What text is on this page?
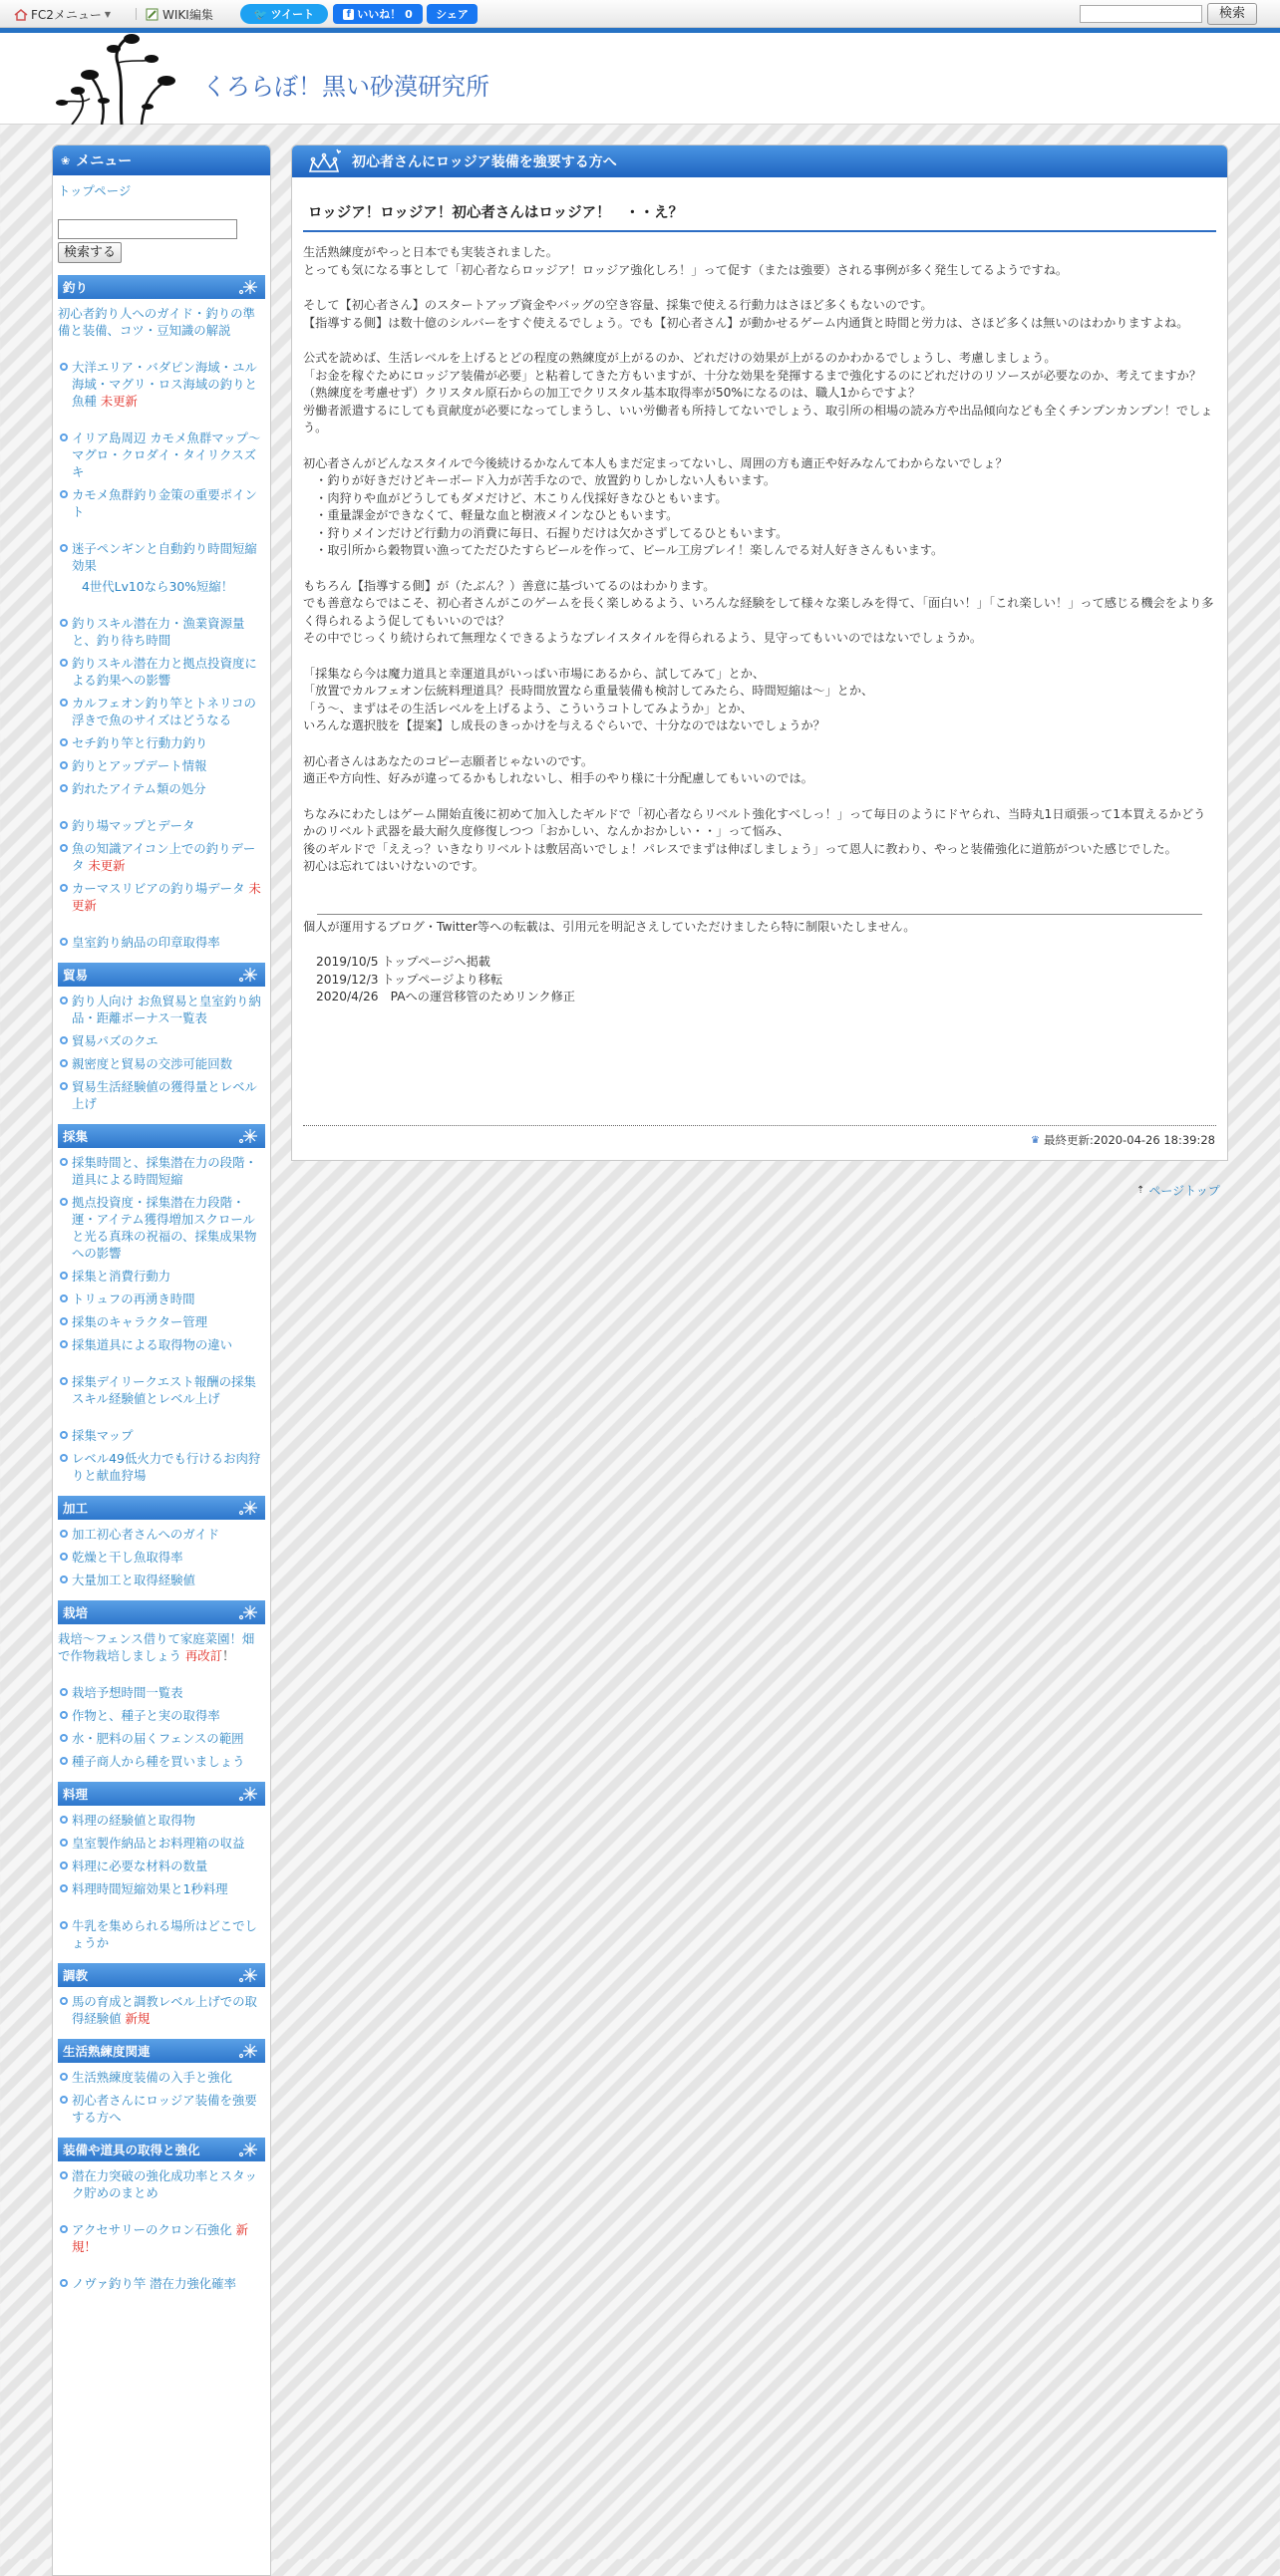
FC2メニュー ▼	WIKI編集	🐦 ツイート	f いいね！ 0 シェア	検索
くろらぼ！黒い砂漠研究所
❀ メニュー
トップページ
検索する
釣り
初心者釣り人へのガイド・釣りの準備と装備、コツ・豆知識の解説
大洋エリア・バダピン海域・ユル海域・マグリ・ロス海域の釣りと魚種 未更新
イリア島周辺 カモメ魚群マップ～マグロ・クロダイ・タイリクスズキ
カモメ魚群釣り金策の重要ポイント
迷子ペンギンと自動釣り時間短縮効果
4世代Lv10なら30%短縮！
釣りスキル潜在力・漁業資源量と、釣り待ち時間
釣りスキル潜在力と拠点投資度による釣果への影響
カルフェオン釣り竿とトネリコの浮きで魚のサイズはどうなる
セチ釣り竿と行動力釣り
釣りとアップデート情報
釣れたアイテム類の処分
釣り場マップとデータ
魚の知識アイコン上での釣りデータ 未更新
カーマスリビアの釣り場データ 未更新
皇室釣り納品の印章取得率
貿易
釣り人向け お魚貿易と皇室釣り納品・距離ボーナス一覧表
貿易パズのクエ
親密度と貿易の交渉可能回数
貿易生活経験値の獲得量とレベル上げ
採集
採集時間と、採集潜在力の段階・道具による時間短縮
拠点投資度・採集潜在力段階・運・アイテム獲得増加スクロールと光る真珠の祝福の、採集成果物への影響
採集と消費行動力
トリュフの再湧き時間
採集のキャラクター管理
採集道具による取得物の違い
採集デイリークエスト報酬の採集スキル経験値とレベル上げ
採集マップ
レベル49低火力でも行けるお肉狩りと献血狩場
加工
加工初心者さんへのガイド
乾燥と干し魚取得率
大量加工と取得経験値
栽培
栽培～フェンス借りて家庭菜園！畑で作物栽培しましょう 再改訂！
栽培予想時間一覧表
作物と、種子と実の取得率
水・肥料の届くフェンスの範囲
種子商人から種を買いましょう
料理
料理の経験値と取得物
皇室製作納品とお料理箱の収益
料理に必要な材料の数量
料理時間短縮効果と1秒料理
牛乳を集められる場所はどこでしょうか
調教
馬の育成と調教レベル上げでの取得経験値 新規
生活熟練度関連
生活熟練度装備の入手と強化
初心者さんにロッジア装備を強要する方へ
装備や道具の取得と強化
潜在力突破の強化成功率とスタック貯めのまとめ
アクセサリーのクロン石強化 新規！
ノヴァ釣り竿 潜在力強化確率
初心者さんにロッジア装備を強要する方へ
ロッジア！ロッジア！初心者さんはロッジア！　・・え？

生活熟練度がやっと日本でも実装されました。
とっても気になる事として「初心者ならロッジア！ロッジア強化しろ！」って促す（または強要）される事例が多く発生してるようですね。

そして【初心者さん】のスタートアップ資金やバッグの空き容量、採集で使える行動力はさほど多くもないのです。
【指導する側】は数十億のシルバーをすぐ使えるでしょう。でも【初心者さん】が動かせるゲーム内通貨と時間と労力は、さほど多くは無いのはわかりますよね。

公式を読めば、生活レベルを上げるとどの程度の熟練度が上がるのか、どれだけの効果が上がるのかわかるでしょうし、考慮しましょう。
「お金を稼ぐためにロッジア装備が必要」と粘着してきた方もいますが、十分な効果を発揮するまで強化するのにどれだけのリソースが必要なのか、考えてますか？
（熟練度を考慮せず）クリスタル原石からの加工でクリスタル基本取得率が50%になるのは、職人1からですよ？
労働者派遣するにしても貢献度が必要になってしまうし、いい労働者も所持してないでしょう、取引所の相場の読み方や出品傾向なども全くチンプンカンプン！でしょう。

初心者さんがどんなスタイルで今後続けるかなんて本人もまだ定まってないし、周囲の方も適正や好みなんてわからないでしょ？
　・釣りが好きだけどキーボード入力が苦手なので、放置釣りしかしない人もいます。
　・肉狩りや血がどうしてもダメだけど、木こりん伐採好きなひともいます。
　・重量課金ができなくて、軽量な血と樹液メインなひともいます。
　・狩りメインだけど行動力の消費に毎日、石握りだけは欠かさずしてるひともいます。
　・取引所から穀物買い漁ってただひたすらビールを作って、ビール工房プレイ！楽しんでる対人好きさんもいます。

もちろん【指導する側】が（たぶん？）善意に基づいてるのはわかります。
でも善意ならではこそ、初心者さんがこのゲームを長く楽しめるよう、いろんな経験をして様々な楽しみを得て、「面白い！」「これ楽しい！」って感じる機会をより多く得られるよう促してもいいのでは？
その中でじっくり続けられて無理なくできるようなプレイスタイルを得られるよう、見守ってもいいのではないでしょうか。

「採集なら今は魔力道具と幸運道具がいっぱい市場にあるから、試してみて」とか、
「放置でカルフェオン伝統料理道具？長時間放置なら重量装備も検討してみたら、時間短縮は～」とか、
「う～、まずはその生活レベルを上げるよう、こういうコトしてみようか」とか、
いろんな選択肢を【提案】し成長のきっかけを与えるぐらいで、十分なのではないでしょうか？

初心者さんはあなたのコピー志願者じゃないのです。
適正や方向性、好みが違ってるかもしれないし、相手のやり様に十分配慮してもいいのでは。

ちなみにわたしはゲーム開始直後に初めて加入したギルドで「初心者ならリベルト強化すべしっ！」って毎日のようにドヤられ、当時丸1日頑張って1本買えるかどうかのリベルト武器を最大耐久度修復しつつ「おかしい、なんかおかしい・・」って悩み、
後のギルドで「ええっ？いきなりリベルトは敷居高いでしょ！パレスでまずは伸ばしましょう」って恩人に教わり、やっと装備強化に道筋がついた感じでした。
初心は忘れてはいけないのです。

個人が運用するブログ・Twitter等への転載は、引用元を明記さえしていただけましたら特に制限いたしません。

2019/10/5 トップページへ掲載

2019/12/3 トップページより移転

2020/4/26　PAへの運営移管のためリンク修正

♛ 最終更新:2020-04-26 18:39:28
⇡ ページトップ
